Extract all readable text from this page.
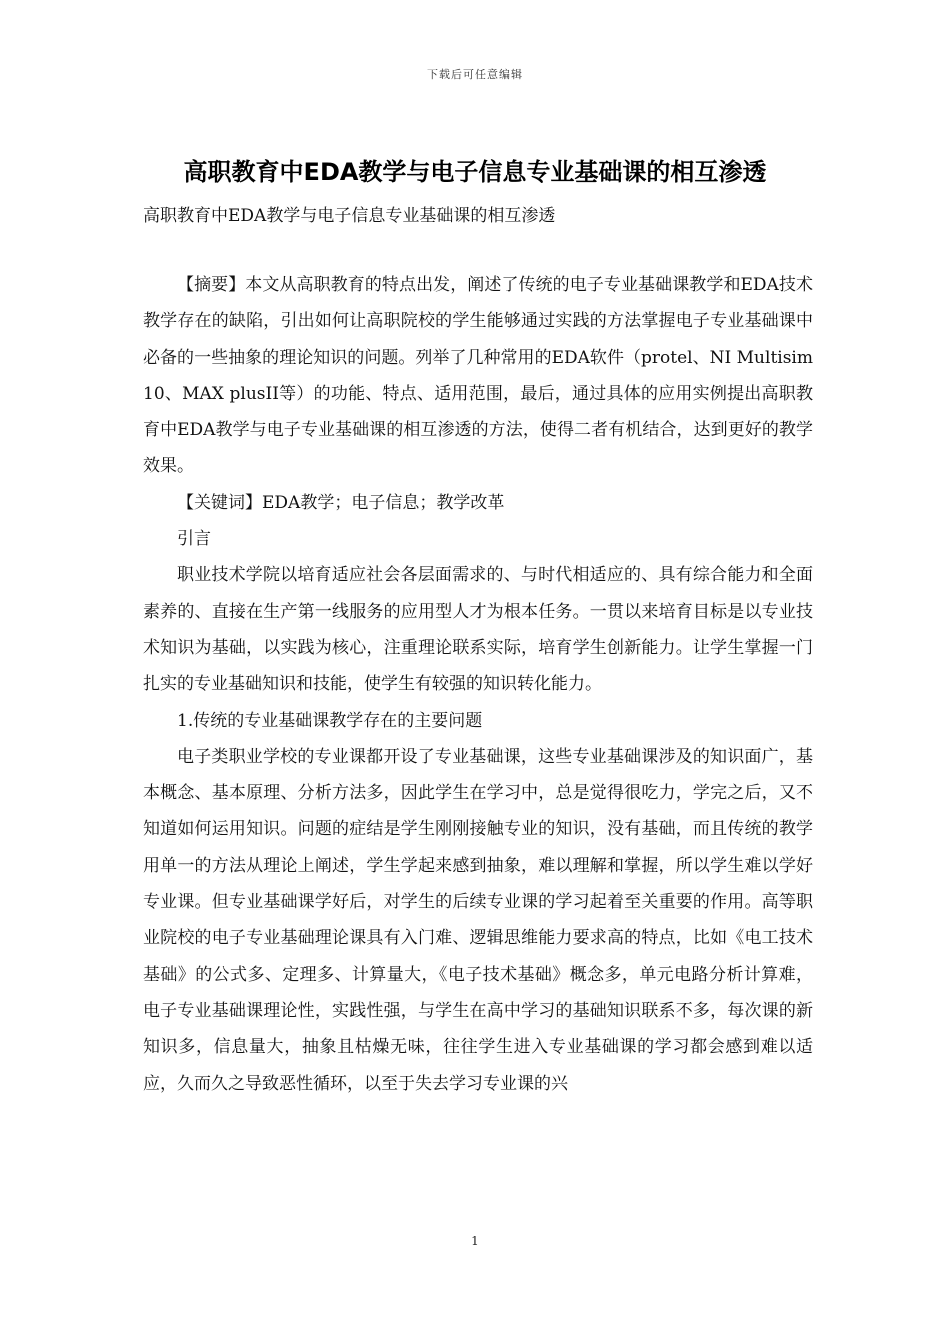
下载后可任意编辑
高职教育中EDA教学与电子信息专业基础课的相互渗透

高职教育中EDA教学与电子信息专业基础课的相互渗透

【摘要】本文从高职教育的特点出发，阐述了传统的电子专业基础课教学和EDA技术教学存在的缺陷，引出如何让高职院校的学生能够通过实践的方法掌握电子专业基础课中必备的一些抽象的理论知识的问题。列举了几种常用的EDA软件（protel、NI Multisim 10、MAX plusII等）的功能、特点、适用范围，最后，通过具体的应用实例提出高职教育中EDA教学与电子专业基础课的相互渗透的方法，使得二者有机结合，达到更好的教学效果。

【关键词】EDA教学；电子信息；教学改革

引言

职业技术学院以培育适应社会各层面需求的、与时代相适应的、具有综合能力和全面素养的、直接在生产第一线服务的应用型人才为根本任务。一贯以来培育目标是以专业技术知识为基础，以实践为核心，注重理论联系实际，培育学生创新能力。让学生掌握一门扎实的专业基础知识和技能，使学生有较强的知识转化能力。

1.传统的专业基础课教学存在的主要问题

电子类职业学校的专业课都开设了专业基础课，这些专业基础课涉及的知识面广，基本概念、基本原理、分析方法多，因此学生在学习中，总是觉得很吃力，学完之后，又不知道如何运用知识。问题的症结是学生刚刚接触专业的知识，没有基础，而且传统的教学用单一的方法从理论上阐述，学生学起来感到抽象，难以理解和掌握，所以学生难以学好专业课。但专业基础课学好后，对学生的后续专业课的学习起着至关重要的作用。高等职业院校的电子专业基础理论课具有入门难、逻辑思维能力要求高的特点，比如《电工技术基础》的公式多、定理多、计算量大，《电子技术基础》概念多，单元电路分析计算难，电子专业基础课理论性，实践性强，与学生在高中学习的基础知识联系不多，每次课的新知识多，信息量大，抽象且枯燥无味，往往学生进入专业基础课的学习都会感到难以适应，久而久之导致恶性循环，以至于失去学习专业课的兴

1
